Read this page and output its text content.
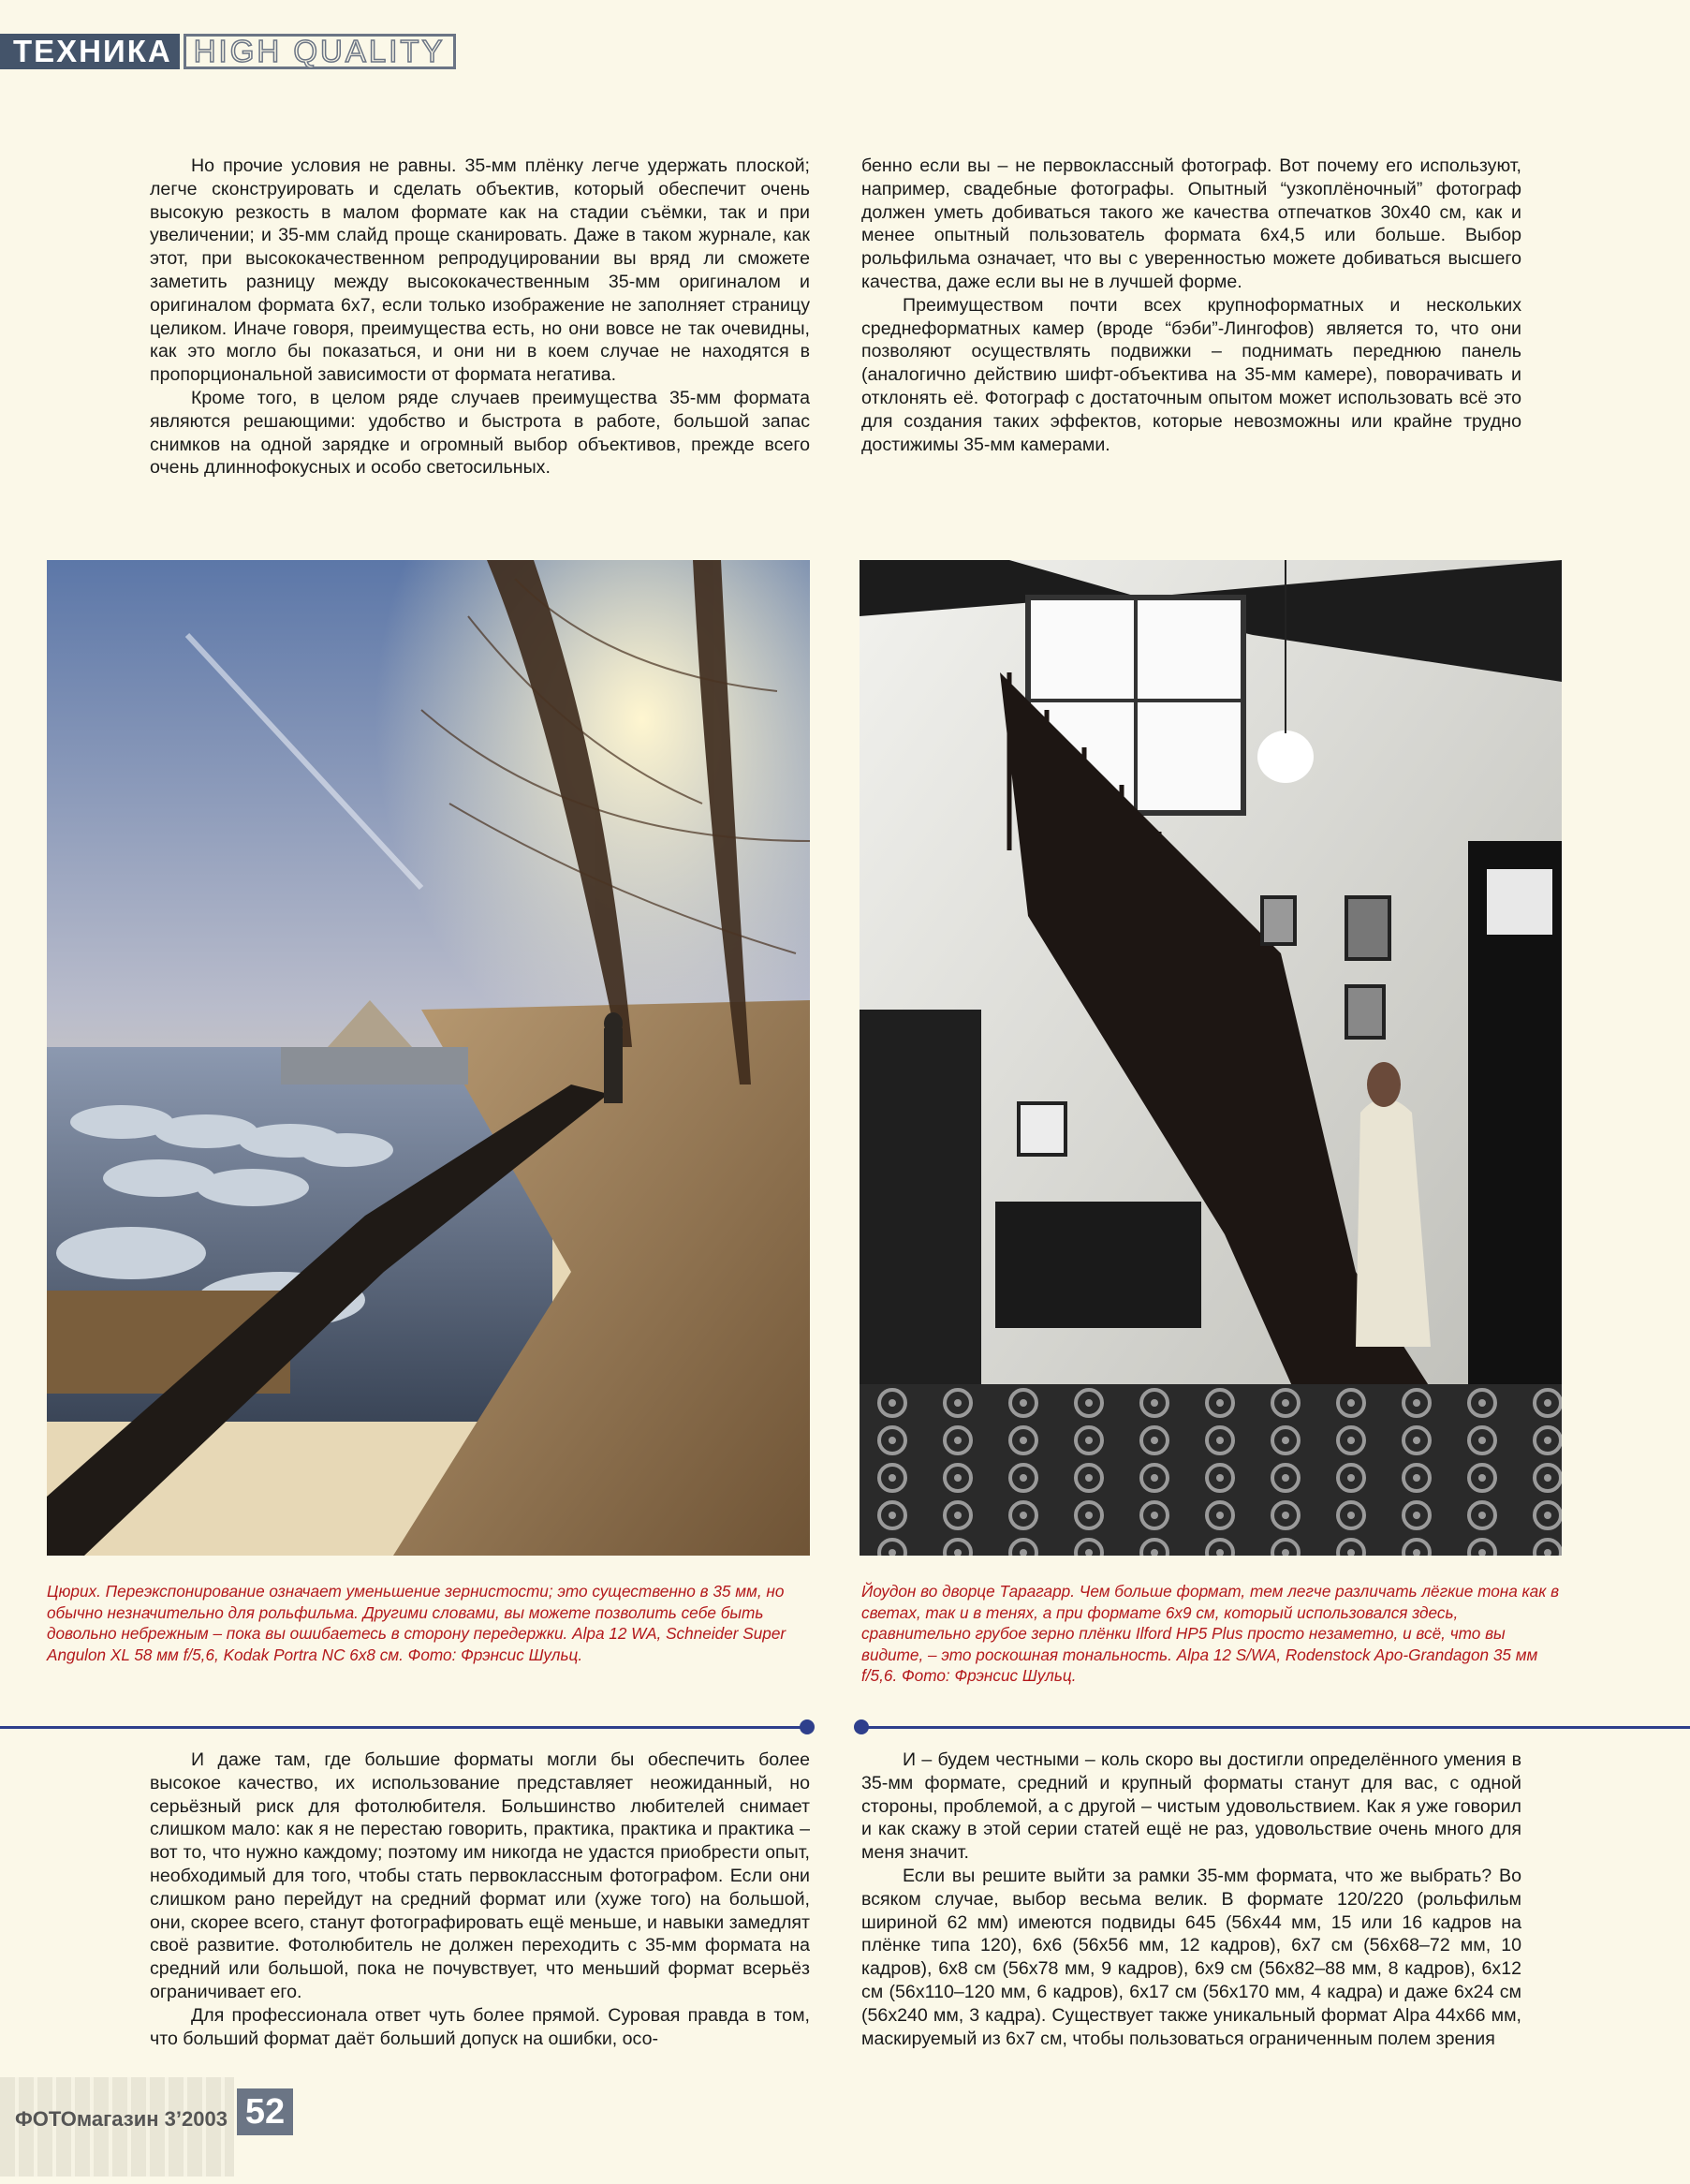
ТЕХНИКА HIGH QUALITY

Но прочие условия не равны. 35-мм плёнку легче удержать плоской; легче сконструировать и сделать объектив, который обеспечит очень высокую резкость в малом формате как на стадии съёмки, так и при увеличении; и 35-мм слайд проще сканировать. Даже в таком журнале, как этот, при высококачественном репродуцировании вы вряд ли сможете заметить разницу между высококачественным 35-мм оригиналом и оригиналом формата 6x7, если только изображение не заполняет страницу целиком. Иначе говоря, преимущества есть, но они вовсе не так очевидны, как это могло бы показаться, и они ни в коем случае не находятся в пропорциональной зависимости от формата негатива.

Кроме того, в целом ряде случаев преимущества 35-мм формата являются решающими: удобство и быстрота в работе, большой запас снимков на одной зарядке и огромный выбор объективов, прежде всего очень длиннофокусных и особо светосильных.

бенно если вы – не первоклассный фотограф. Вот почему его используют, например, свадебные фотографы. Опытный “узкоплёночный” фотограф должен уметь добиваться такого же качества отпечатков 30x40 см, как и менее опытный пользователь формата 6x4,5 или больше. Выбор рольфильма означает, что вы с уверенностью можете добиваться высшего качества, даже если вы не в лучшей форме.

Преимуществом почти всех крупноформатных и нескольких среднеформатных камер (вроде “бэби”-Лингофов) является то, что они позволяют осуществлять подвижки – поднимать переднюю панель (аналогично действию шифт-объектива на 35-мм камере), поворачивать и отклонять её. Фотограф с достаточным опытом может использовать всё это для создания таких эффектов, которые невозможны или крайне трудно достижимы 35-мм камерами.

Цюрих. Переэкспонирование означает уменьшение зернистости; это существенно в 35 мм, но обычно незначительно для рольфильма. Другими словами, вы можете позволить себе быть довольно небрежным – пока вы ошибаетесь в сторону передержки. Alpa 12 WA, Schneider Super Angulon XL 58 мм f/5,6, Kodak Portra NC 6x8 см. Фото: Фрэнсис Шульц.
Йоудон во дворце Тарагарр. Чем больше формат, тем легче различать лёгкие тона как в светах, так и в тенях, а при формате 6x9 см, который использовался здесь, сравнительно грубое зерно плёнки Ilford HP5 Plus просто незаметно, и всё, что вы видите, – это роскошная тональность. Alpa 12 S/WA, Rodenstock Apo-Grandagon 35 мм f/5,6. Фото: Фрэнсис Шульц.

И даже там, где большие форматы могли бы обеспечить более высокое качество, их использование представляет неожиданный, но серьёзный риск для фотолюбителя. Большинство любителей снимает слишком мало: как я не перестаю говорить, практика, практика и практика – вот то, что нужно каждому; поэтому им никогда не удастся приобрести опыт, необходимый для того, чтобы стать первоклассным фотографом. Если они слишком рано перейдут на средний формат или (хуже того) на большой, они, скорее всего, станут фотографировать ещё меньше, и навыки замедлят своё развитие. Фотолюбитель не должен переходить с 35-мм формата на средний или большой, пока не почувствует, что меньший формат всерьёз ограничивает его.

Для профессионала ответ чуть более прямой. Суровая правда в том, что больший формат даёт больший допуск на ошибки, осо-

И – будем честными – коль скоро вы достигли определённого умения в 35-мм формате, средний и крупный форматы станут для вас, с одной стороны, проблемой, а с другой – чистым удовольствием. Как я уже говорил и как скажу в этой серии статей ещё не раз, удовольствие очень много для меня значит.

Если вы решите выйти за рамки 35-мм формата, что же выбрать? Во всяком случае, выбор весьма велик. В формате 120/220 (рольфильм шириной 62 мм) имеются подвиды 645 (56x44 мм, 15 или 16 кадров на плёнке типа 120), 6x6 (56x56 мм, 12 кадров), 6x7 см (56x68–72 мм, 10 кадров), 6x8 см (56x78 мм, 9 кадров), 6x9 см (56x82–88 мм, 8 кадров), 6x12 см (56x110–120 мм, 6 кадров), 6x17 см (56x170 мм, 4 кадра) и даже 6x24 см (56x240 мм, 3 кадра). Существует также уникальный формат Alpa 44x66 мм, маскируемый из 6x7 см, чтобы пользоваться ограниченным полем зрения

ФОТОмагазин 3’2003 52
